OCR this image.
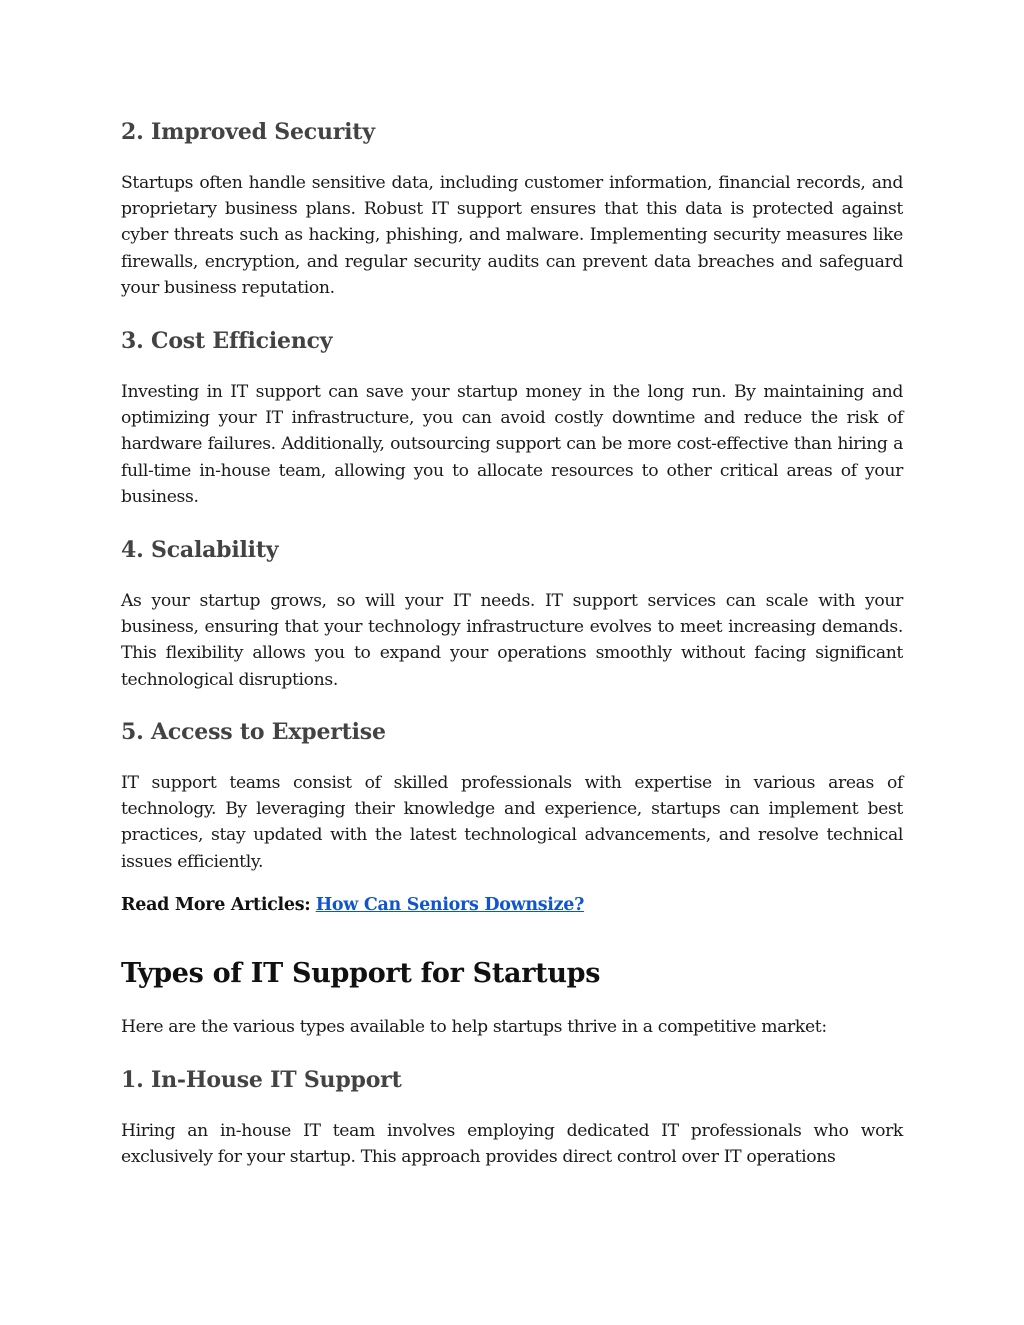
2. Improved Security

Startups often handle sensitive data, including customer information, financial records, and proprietary business plans. Robust IT support ensures that this data is protected against cyber threats such as hacking, phishing, and malware. Implementing security measures like firewalls, encryption, and regular security audits can prevent data breaches and safeguard your business reputation.

3. Cost Efficiency

Investing in IT support can save your startup money in the long run. By maintaining and optimizing your IT infrastructure, you can avoid costly downtime and reduce the risk of hardware failures. Additionally, outsourcing support can be more cost-effective than hiring a full-time in-house team, allowing you to allocate resources to other critical areas of your business.

4. Scalability

As your startup grows, so will your IT needs. IT support services can scale with your business, ensuring that your technology infrastructure evolves to meet increasing demands. This flexibility allows you to expand your operations smoothly without facing significant technological disruptions.

5. Access to Expertise

IT support teams consist of skilled professionals with expertise in various areas of technology. By leveraging their knowledge and experience, startups can implement best practices, stay updated with the latest technological advancements, and resolve technical issues efficiently.

Read More Articles: How Can Seniors Downsize?

Types of IT Support for Startups

Here are the various types available to help startups thrive in a competitive market:

1. In-House IT Support

Hiring an in-house IT team involves employing dedicated IT professionals who work exclusively for your startup. This approach provides direct control over IT operations
